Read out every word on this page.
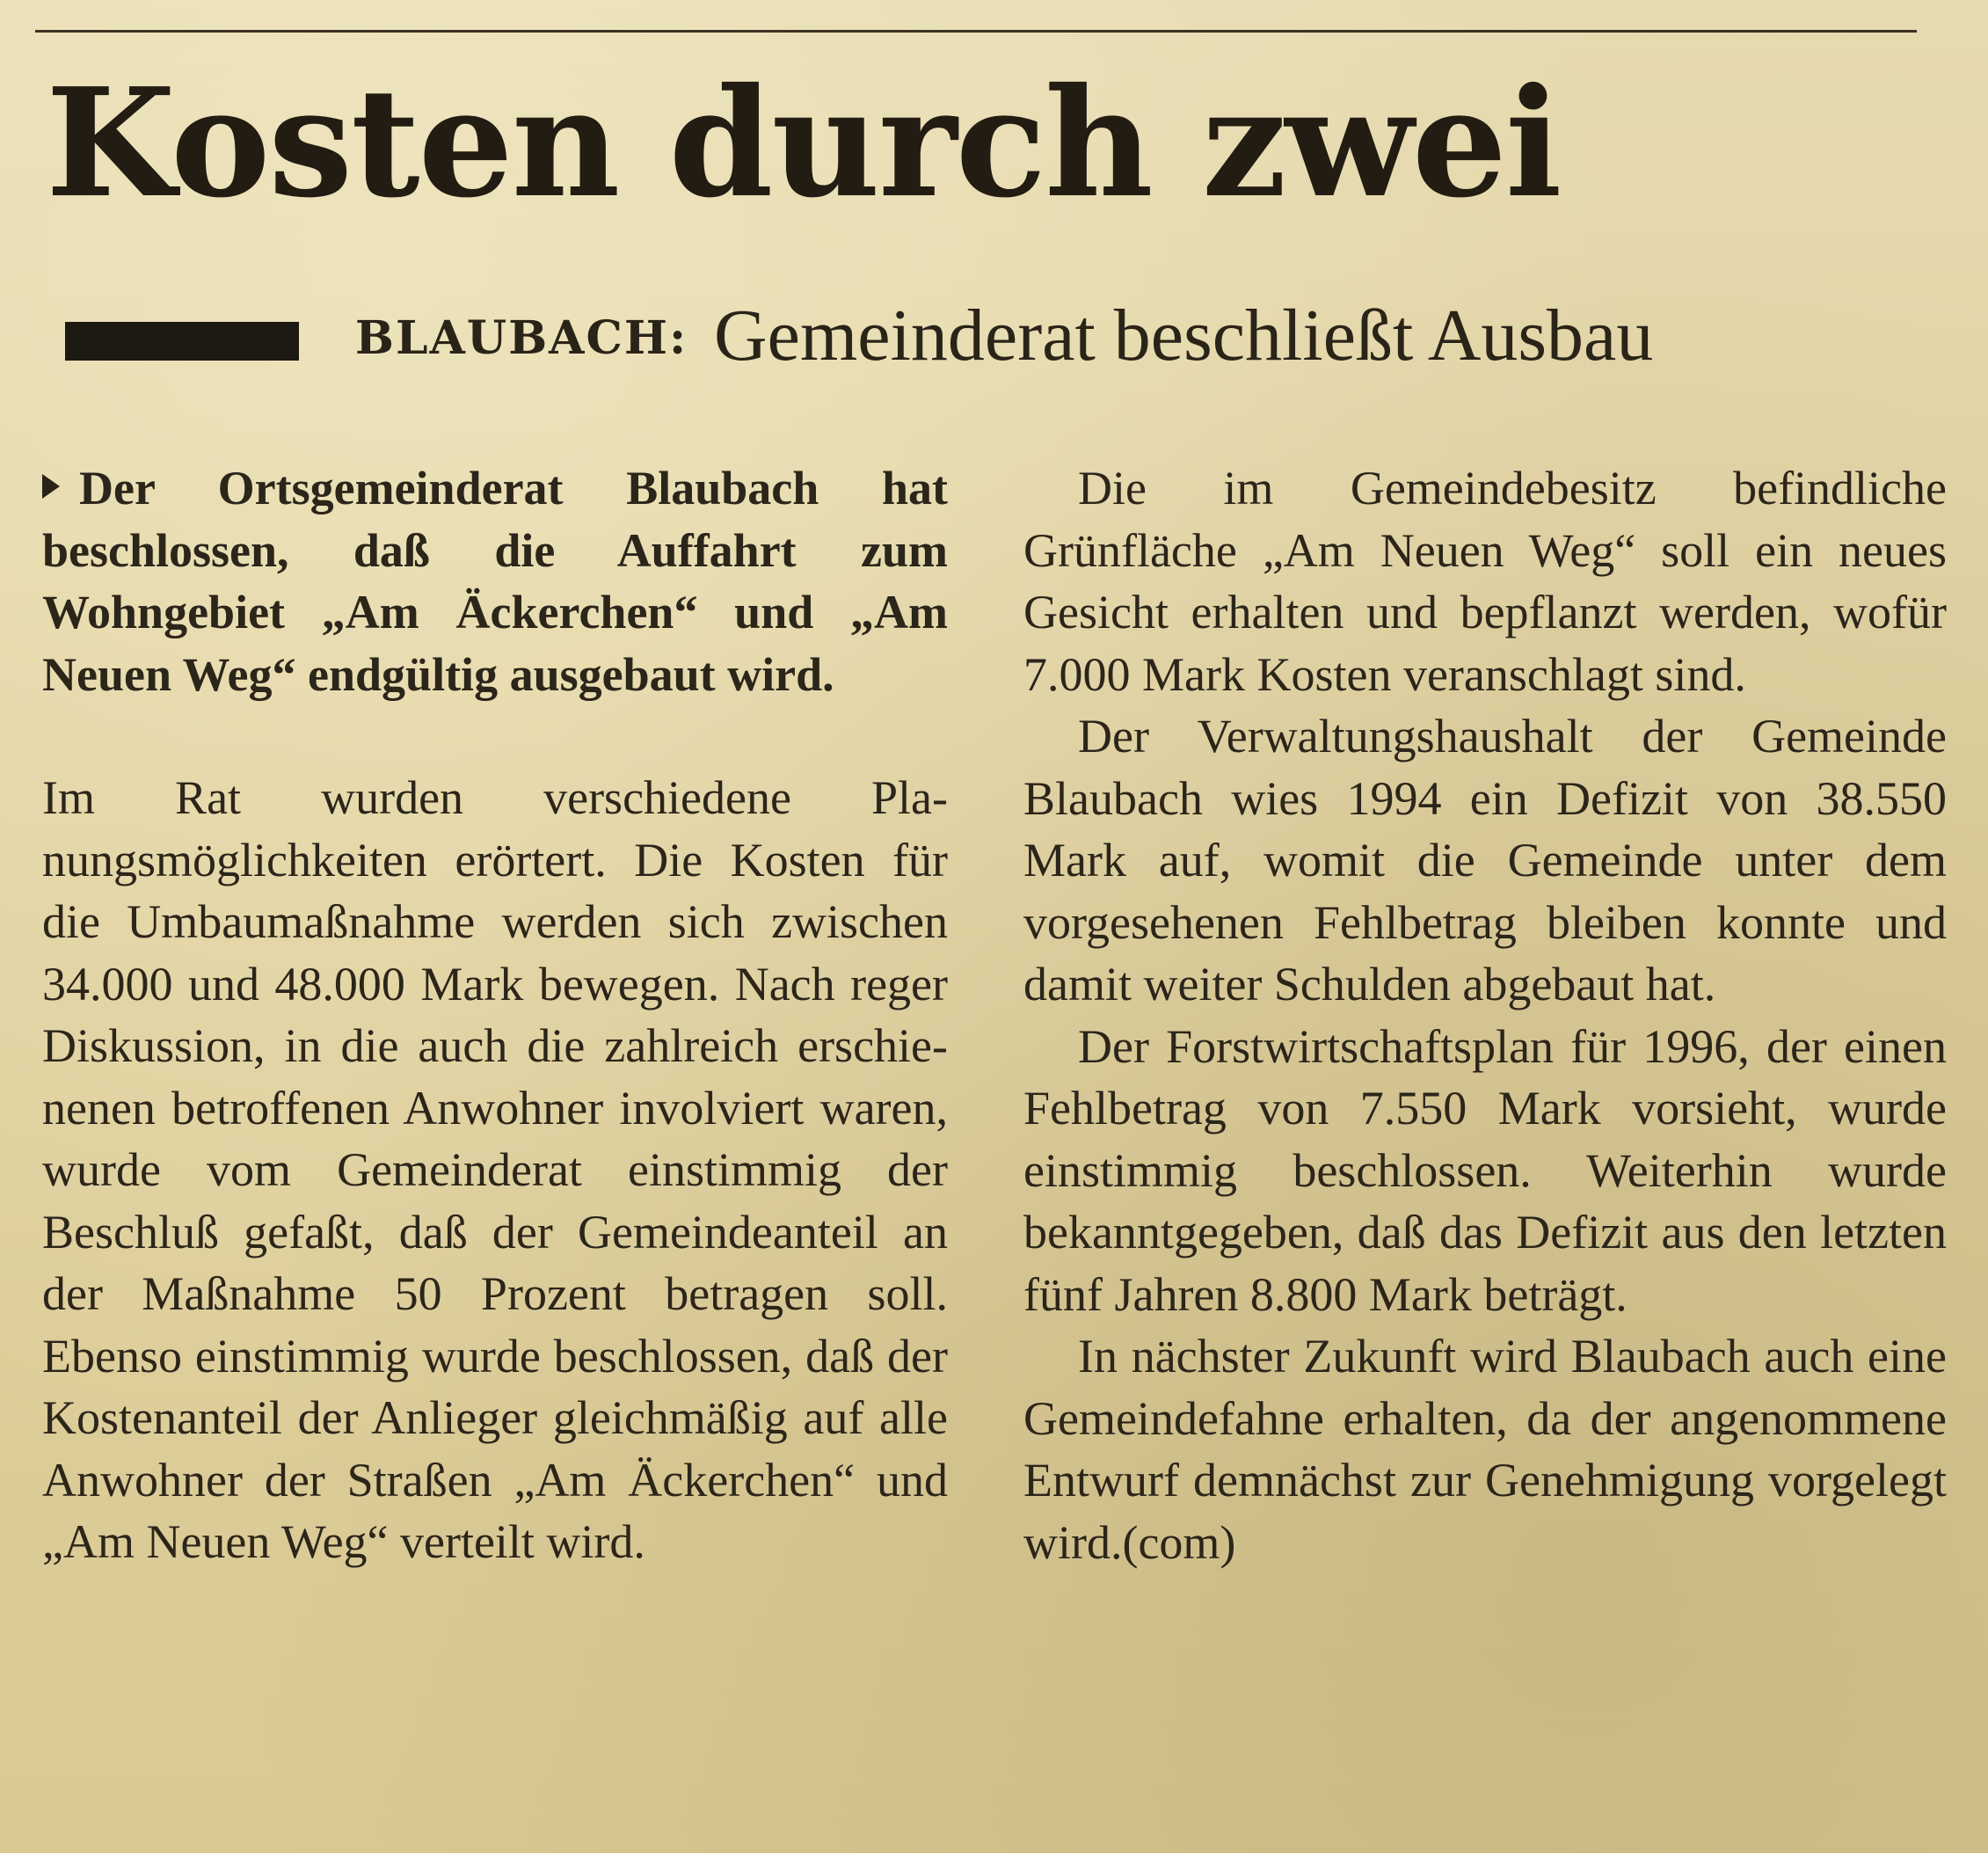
Kosten durch zwei
BLAUBACH: Gemeinderat beschließt Ausbau

Der Ortsgemeinderat Blaubach hat beschlossen, daß die Auffahrt zum Wohngebiet „Am Äckerchen“ und „Am Neuen Weg“ endgültig ausgebaut wird.

Im Rat wurden verschiedene Planungsmöglichkeiten erörtert. Die Kosten für die Umbaumaßnahme werden sich zwischen 34.000 und 48.000 Mark bewegen. Nach reger Diskussion, in die auch die zahlreich erschienenen betroffenen Anwohner involviert waren, wurde vom Gemeinderat einstimmig der Beschluß gefaßt, daß der Gemeindeanteil an der Maßnahme 50 Prozent betragen soll. Ebenso einstimmig wurde beschlossen, daß der Kostenanteil der Anlieger gleichmäßig auf alle Anwohner der Straßen „Am Äckerchen“ und „Am Neuen Weg“ verteilt wird.

Die im Gemeindebesitz befindliche Grünfläche „Am Neuen Weg“ soll ein neues Gesicht erhalten und bepflanzt werden, wofür 7.000 Mark Kosten veranschlagt sind.

Der Verwaltungshaushalt der Gemeinde Blaubach wies 1994 ein Defizit von 38.550 Mark auf, womit die Gemeinde unter dem vorgesehenen Fehlbetrag bleiben konnte und damit weiter Schulden abgebaut hat.

Der Forstwirtschaftsplan für 1996, der einen Fehlbetrag von 7.550 Mark vorsieht, wurde einstimmig beschlossen. Weiterhin wurde bekanntgegeben, daß das Defizit aus den letzten fünf Jahren 8.800 Mark beträgt.

In nächster Zukunft wird Blaubach auch eine Gemeindefahne erhalten, da der angenommene Entwurf demnächst zur Genehmigung vorgelegt wird.(com)
